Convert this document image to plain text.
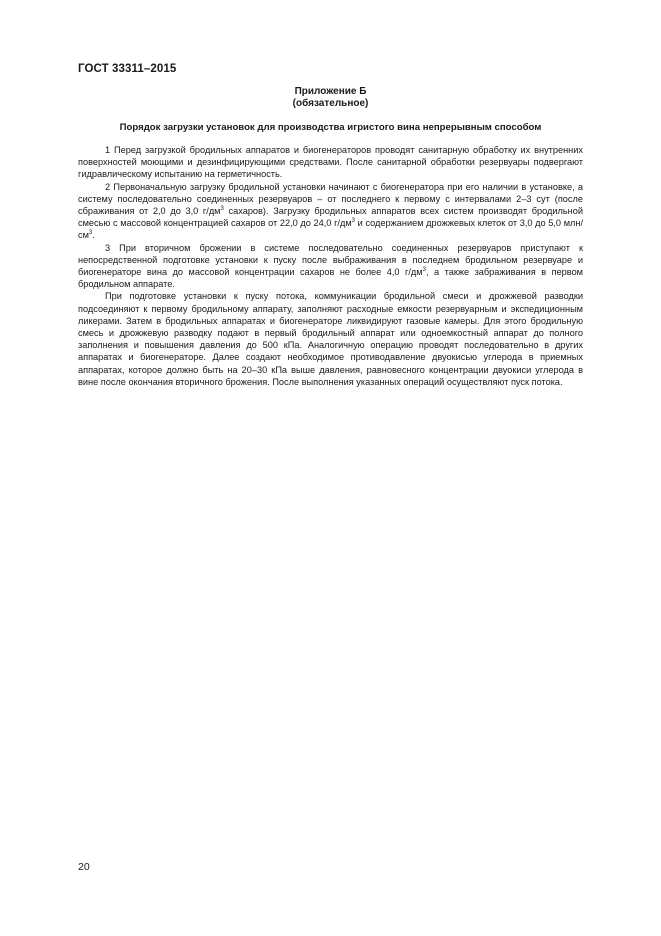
ГОСТ 33311–2015
Приложение Б
(обязательное)
Порядок загрузки установок для производства игристого вина непрерывным способом

1 Перед загрузкой бродильных аппаратов и биогенераторов проводят санитарную обработку их внутренних поверхностей моющими и дезинфицирующими средствами. После санитарной обработки резервуары подвергают гидравлическому испытанию на герметичность.

2 Первоначальную загрузку бродильной установки начинают с биогенератора при его наличии в установке, а систему последовательно соединенных резервуаров – от последнего к первому с интервалами 2–3 сут (после сбраживания от 2,0 до 3,0 $г/дм^3$ сахаров). Загрузку бродильных аппаратов всех систем производят бродильной смесью с массовой концентрацией сахаров от 22,0 до 24,0 $г/дм^3$ и содержанием дрожжевых клеток от 3,0 до 5,0 млн/$см^3$.

3 При вторичном брожении в системе последовательно соединенных резервуаров приступают к непосредственной подготовке установки к пуску после выбраживания в последнем бродильном резервуаре и биогенераторе вина до массовой концентрации сахаров не более 4,0 $г/дм^3$, а также забраживания в первом бродильном аппарате.

При подготовке установки к пуску потока, коммуникации бродильной смеси и дрожжевой разводки подсоединяют к первому бродильному аппарату, заполняют расходные емкости резервуарным и экспедиционным ликерами. Затем в бродильных аппаратах и биогенераторе ликвидируют газовые камеры. Для этого бродильную смесь и дрожжевую разводку подают в первый бродильный аппарат или одноемкостный аппарат до полного заполнения и повышения давления до 500 кПа. Аналогичную операцию проводят последовательно в других аппаратах и биогенераторе. Далее создают необходимое противодавление двуокисью углерода в приемных аппаратах, которое должно быть на 20–30 кПа выше давления, равновесного концентрации двуокиси углерода в вине после окончания вторичного брожения. После выполнения указанных операций осуществляют пуск потока.

20
